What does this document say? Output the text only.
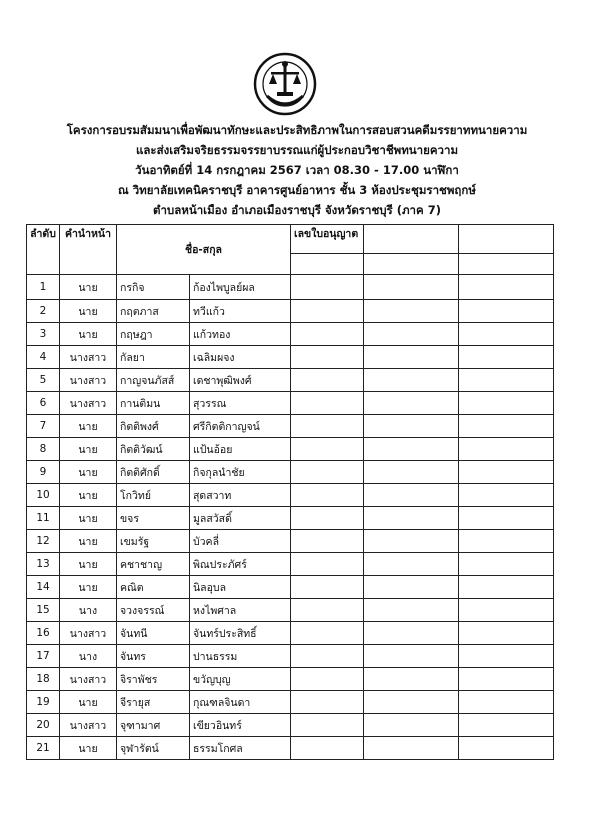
โครงการอบรมสัมมนาเพื่อพัฒนาทักษะและประสิทธิภาพในการสอบสวนคดีมรรยาททนายความ
และส่งเสริมจริยธรรมจรรยาบรรณแก่ผู้ประกอบวิชาชีพทนายความ
วันอาทิตย์ที่ 14 กรกฎาคม 2567 เวลา 08.30 - 17.00 นาฬิกา
ณ วิทยาลัยเทคนิคราชบุรี อาคารศูนย์อาหาร ชั้น 3 ห้องประชุมราชพฤกษ์
ตำบลหน้าเมือง อำเภอเมืองราชบุรี จังหวัดราชบุรี (ภาค 7)
ลำดับ	คำนำหน้า	ชื่อ-สกุล		เลขใบอนุญาต		

1	นาย	กรกิจ	ก้องไพบูลย์ผล			
2	นาย	กฤตภาส	ทวีแก้ว			
3	นาย	กฤษฎา	แก้วทอง			
4	นางสาว	กัลยา	เฉลิมผจง			
5	นางสาว	กาญจนภัสส์	เดชาพุฒิพงศ์			
6	นางสาว	กานติมน	สุวรรณ			
7	นาย	กิตติพงศ์	ศรีกิตติกาญจน์			
8	นาย	กิตติวัฒน์	แป้นอ้อย			
9	นาย	กิตติศักดิ์	กิจกุลนำชัย			
10	นาย	โกวิทย์	สุดสวาท			
11	นาย	ขจร	มูลสวัสดิ์			
12	นาย	เขมรัฐ	บัวคลี่			
13	นาย	คชาชาญ	พิณประภัศร์			
14	นาย	คณิต	นิลอุบล			
15	นาง	จวงจรรณ์	หงไพศาล			
16	นางสาว	จันทนี	จันทร์ประสิทธิ์			
17	นาง	จันทร	ปานธรรม			
18	นางสาว	จิราพัชร	ขวัญบุญ			
19	นาย	จีรายุส	กุณฑลจินดา			
20	นางสาว	จุฑามาศ	เขียวอินทร์			
21	นาย	จุฬารัตน์	ธรรมโกศล			
